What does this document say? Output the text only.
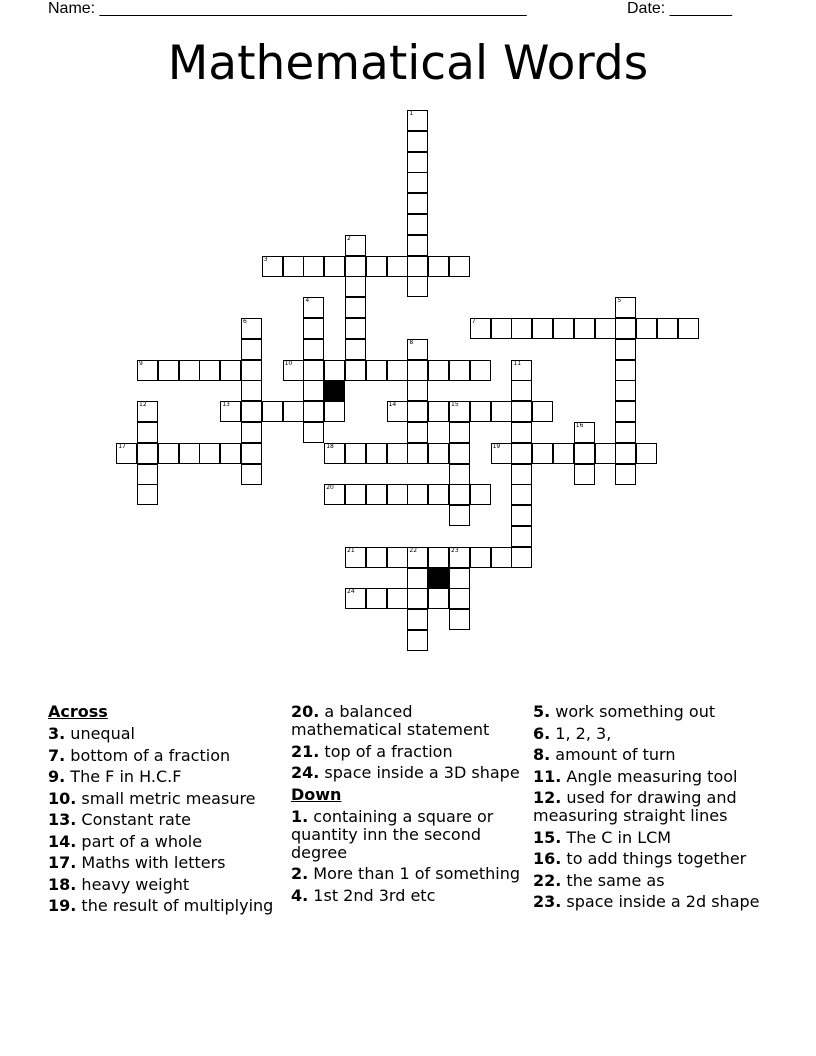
Name: ________________________________________________	Date: _______
Mathematical Words
1
2
3
4	5
6	7
8
9	10	11
12	13	14	15
16
17	18	19
20
21	22	23
24
Across
3. unequal
7. bottom of a fraction
9. The F in H.C.F
10. small metric measure
13. Constant rate
14. part of a whole
17. Maths with letters
18. heavy weight
19. the result of multiplying
20. a balanced mathematical statement
21. top of a fraction
24. space inside a 3D shape
Down
1. containing a square or quantity inn the second degree
2. More than 1 of something
4. 1st 2nd 3rd etc
5. work something out
6. 1, 2, 3,
8. amount of turn
11. Angle measuring tool
12. used for drawing and measuring straight lines
15. The C in LCM
16. to add things together
22. the same as
23. space inside a 2d shape
